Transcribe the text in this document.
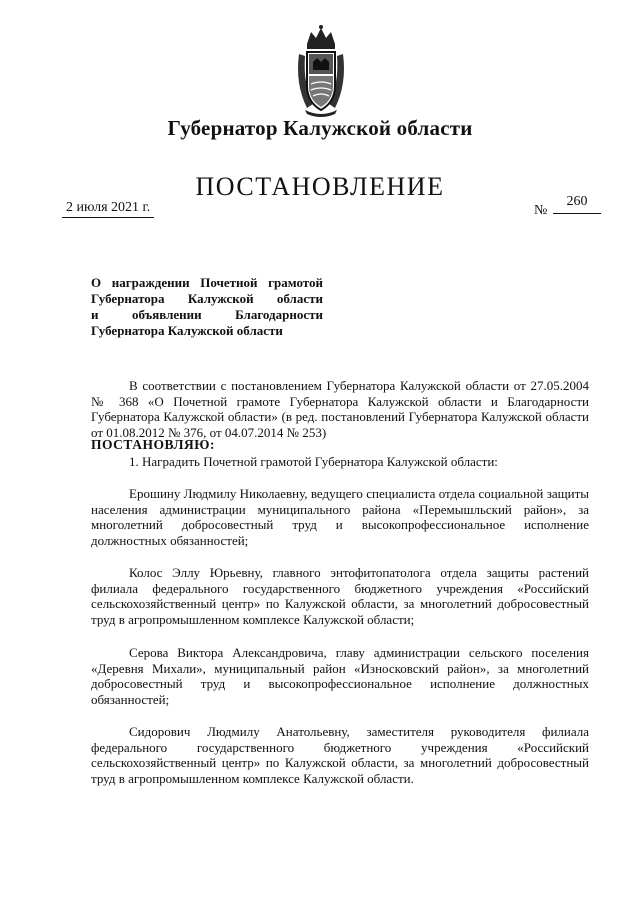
Губернатор Калужской области
ПОСТАНОВЛЕНИЕ
2 июля 2021 г.	№
260
О награждении Почетной грамотой
Губернатора Калужской области
и объявлении Благодарности
Губернатора Калужской области
В соответствии с постановлением Губернатора Калужской области от 27.05.2004 № 368 «О Почетной грамоте Губернатора Калужской области и Благодарности Губернатора Калужской области» (в ред. постановлений Губернатора Калужской области от 01.08.2012 № 376, от 04.07.2014 № 253)
ПОСТАНОВЛЯЮ:
1. Наградить Почетной грамотой Губернатора Калужской области:
Ерошину Людмилу Николаевну, ведущего специалиста отдела социальной защиты населения администрации муниципального района «Перемышльский район», за многолетний добросовестный труд и высокопрофессиональное исполнение должностных обязанностей;
Колос Эллу Юрьевну, главного энтофитопатолога отдела защиты растений филиала федерального государственного бюджетного учреждения «Российский сельскохозяйственный центр» по Калужской области, за многолетний добросовестный труд в агропромышленном комплексе Калужской области;
Серова Виктора Александровича, главу администрации сельского поселения «Деревня Михали», муниципальный район «Износковский район», за многолетний добросовестный труд и высокопрофессиональное исполнение должностных обязанностей;
Сидорович Людмилу Анатольевну, заместителя руководителя филиала федерального государственного бюджетного учреждения «Российский сельскохозяйственный центр» по Калужской области, за многолетний добросовестный труд в агропромышленном комплексе Калужской области.
